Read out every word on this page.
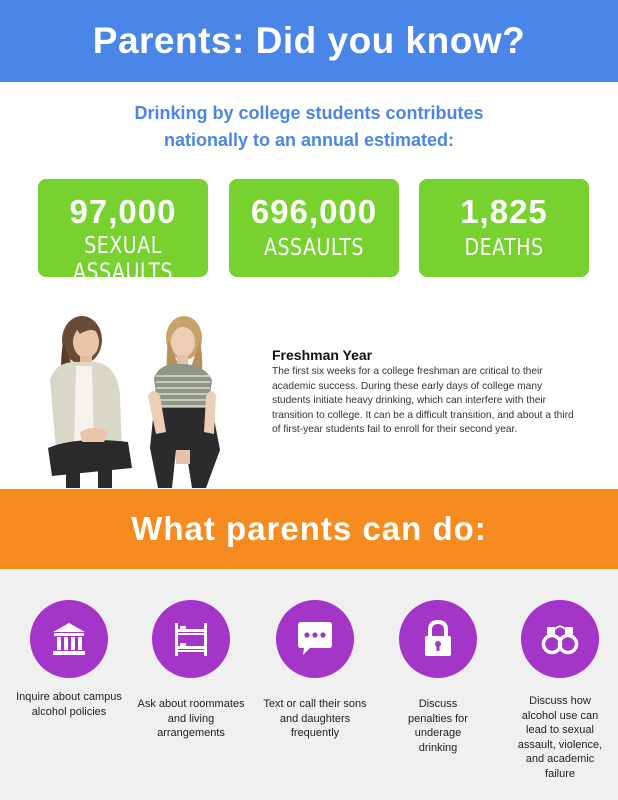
Parents: Did you know?
Drinking by college students contributes
nationally to an annual estimated:
97,000
SEXUAL ASSAULTS
696,000
ASSAULTS
1,825
DEATHS
Freshman Year

The first six weeks for a college freshman are critical to their academic success. During these early days of college many students initiate heavy drinking, which can interfere with their transition to college. It can be a difficult transition, and about a third of first-year students fail to enroll for their second year.

What parents can do:
Inquire about campus alcohol policies
Ask about roommates and living arrangements
Text or call their sons and daughters frequently
Discuss penalties for underage drinking
Discuss how alcohol use can lead to sexual assault, violence, and academic failure
